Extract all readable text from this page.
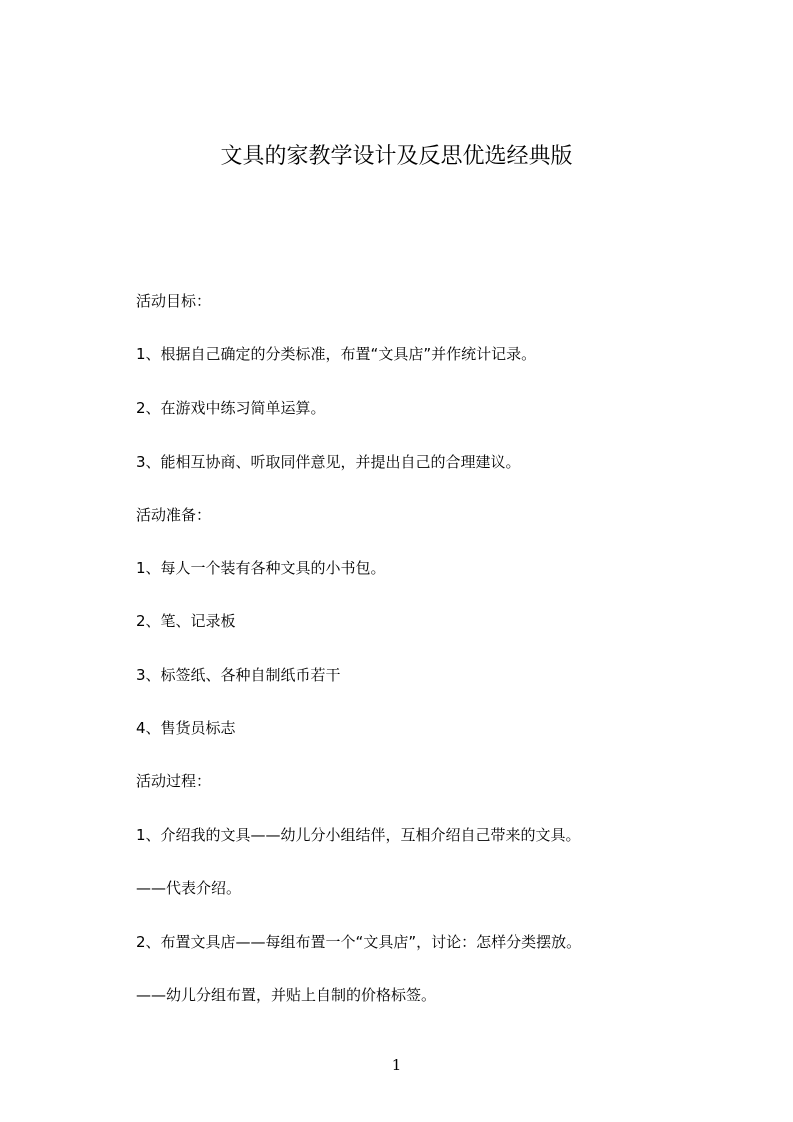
文具的家教学设计及反思优选经典版

活动目标：

1、根据自己确定的分类标准，布置“文具店”并作统计记录。

2、在游戏中练习简单运算。

3、能相互协商、听取同伴意见，并提出自己的合理建议。

活动准备：

1、每人一个装有各种文具的小书包。

2、笔、记录板

3、标签纸、各种自制纸币若干

4、售货员标志

活动过程：

1、介绍我的文具——幼儿分小组结伴，互相介绍自己带来的文具。

——代表介绍。

2、布置文具店——每组布置一个“文具店”，讨论：怎样分类摆放。

——幼儿分组布置，并贴上自制的价格标签。

1
